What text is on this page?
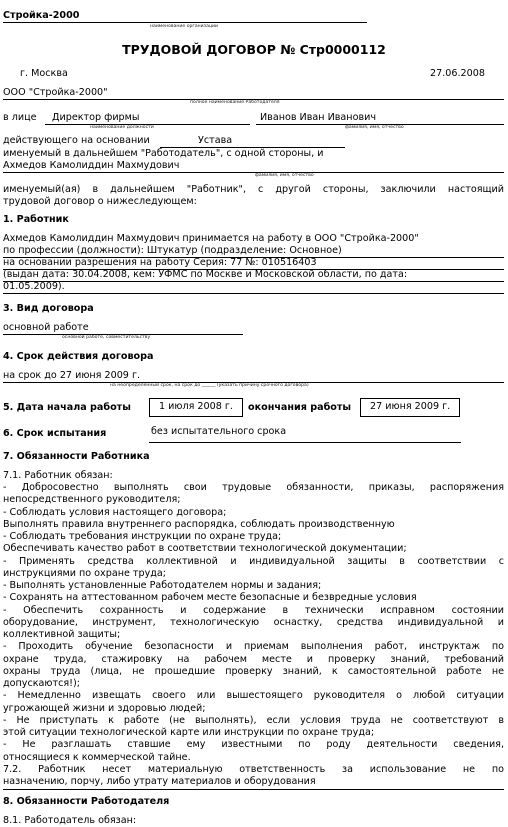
Стройка-2000
наименование организации
ТРУДОВОЙ ДОГОВОР № Стр0000112
г. Москва	27.06.2008
ООО "Стройка-2000"
полное наименование Работодателя
в лице Директор фирмы
наименование должности
Иванов Иван Иванович
фамилия, имя, отчество
действующего на основании	Устава
именуемый в дальнейшем "Работодатель", с одной стороны, и
Ахмедов Камолиддин Махмудович
фамилия, имя, отчество
именуемый(ая) в дальнейшем "Работник", с другой стороны, заключили настоящий
трудовой договор о нижеследующем:
1. Работник
Ахмедов Камолиддин Махмудович принимается на работу в ООО "Стройка-2000"
по профессии (должности): Штукатур (подразделение: Основное)
на основании разрешения на работу Серия: 77 №: 010516403
(выдан дата: 30.04.2008, кем: УФМС по Москве и Московской области, по дата:
01.05.2009).
3. Вид договора
основной работе
основной работе, совместительству
4. Срок действия договора
на срок до 27 июня 2009 г.
на неопределенный срок, на срок до ______ (указать причину срочного договора)
5. Дата начала работы	1 июля 2008 г. окончания работы 27 июня 2009 г.
6. Срок испытания	без испытательного срока
7. Обязанности Работника
7.1. Работник обязан:
- Добросовестно выполнять свои трудовые обязанности, приказы, распоряжения
непосредственного руководителя;
- Соблюдать условия настоящего договора;
Выполнять правила внутреннего распорядка, соблюдать производственную
- Соблюдать требования инструкции по охране труда;
Обеспечивать качество работ в соответствии технологической документации;
- Применять средства коллективной и индивидуальной защиты в соответствии с
инструкциями по охране труда;
- Выполнять установленные Работодателем нормы и задания;
- Сохранять на аттестованном рабочем месте безопасные и безвредные условия
- Обеспечить сохранность и содержание в технически исправном состоянии
оборудование, инструмент, технологическую оснастку, средства индивидуальной и
коллективной защиты;
- Проходить обучение безопасности и приемам выполнения работ, инструктаж по
охране труда, стажировку на рабочем месте и проверку знаний, требований
охраны труда (лица, не прошедшие проверку знаний, к самостоятельной работе не
допускаются!);
- Немедленно извещать своего или вышестоящего руководителя о любой ситуации
угрожающей жизни и здоровью людей;
- Не приступать к работе (не выполнять), если условия труда не соответствуют в
этой ситуации технологической карте или инструкции по охране труда;
- Не разглашать ставшие ему известными по роду деятельности сведения,
относящиеся к коммерческой тайне.
7.2. Работник несет материальную ответственность за использование не по
назначению, порчу, либо утрату материалов и оборудования
8. Обязанности Работодателя
8.1. Работодатель обязан:
